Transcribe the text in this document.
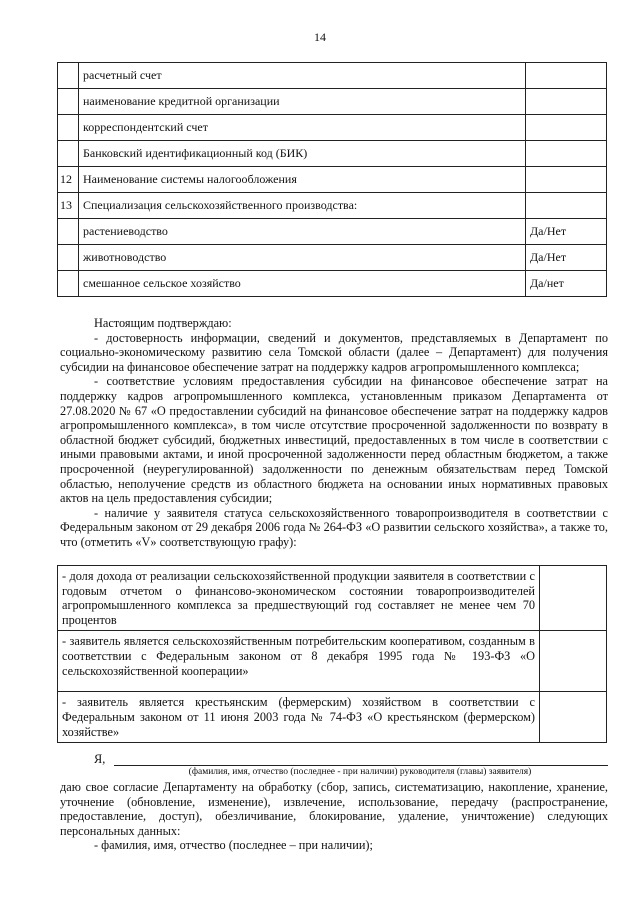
14
	расчетный счет	
	наименование кредитной организации	
	корреспондентский счет	
	Банковский идентификационный код (БИК)	
12	Наименование системы налогообложения	
13	Специализация сельскохозяйственного производства:	
	растениеводство	Да/Нет
	животноводство	Да/Нет
	смешанное сельское хозяйство	Да/нет

Настоящим подтверждаю:

- достоверность информации, сведений и документов, представляемых в Департамент по социально-экономическому развитию села Томской области (далее – Департамент) для получения субсидии на финансовое обеспечение затрат на поддержку кадров агропромышленного комплекса;

- соответствие условиям предоставления субсидии на финансовое обеспечение затрат на поддержку кадров агропромышленного комплекса, установленным приказом Департамента от 27.08.2020 № 67 «О предоставлении субсидий на финансовое обеспечение затрат на поддержку кадров агропромышленного комплекса», в том числе отсутствие просроченной задолженности по возврату в областной бюджет субсидий, бюджетных инвестиций, предоставленных в том числе в соответствии с иными правовыми актами, и иной просроченной задолженности перед областным бюджетом, а также просроченной (неурегулированной) задолженности по денежным обязательствам перед Томской областью, неполучение средств из областного бюджета на основании иных нормативных правовых актов на цель предоставления субсидии;

- наличие у заявителя статуса сельскохозяйственного товаропроизводителя в соответствии с Федеральным законом от 29 декабря 2006 года № 264-ФЗ «О развитии сельского хозяйства», а также то, что (отметить «V» соответствующую графу):

- доля дохода от реализации сельскохозяйственной продукции заявителя в соответствии с годовым отчетом о финансово-экономическом состоянии товаропроизводителей агропромышленного комплекса за предшествующий год составляет не менее чем 70 процентов	
- заявитель является сельскохозяйственным потребительским кооперативом, созданным в соответствии с Федеральным законом от 8 декабря 1995 года № 193-ФЗ «О сельскохозяйственной кооперации»	
- заявитель является крестьянским (фермерским) хозяйством в соответствии с Федеральным законом от 11 июня 2003 года № 74-ФЗ «О крестьянском (фермерском) хозяйстве»	
Я,
(фамилия, имя, отчество (последнее - при наличии) руководителя (главы) заявителя)

даю свое согласие Департаменту на обработку (сбор, запись, систематизацию, накопление, хранение, уточнение (обновление, изменение), извлечение, использование, передачу (распространение, предоставление, доступ), обезличивание, блокирование, удаление, уничтожение) следующих персональных данных:

- фамилия, имя, отчество (последнее – при наличии);
